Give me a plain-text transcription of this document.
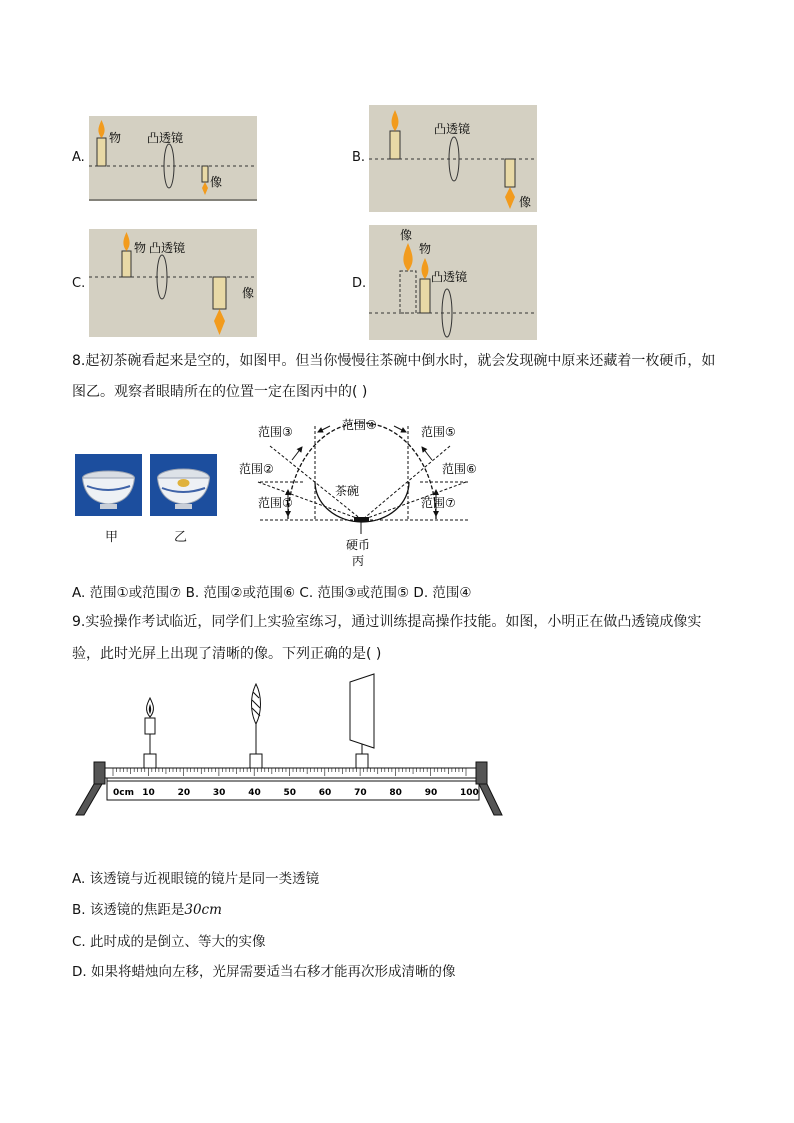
A.
物 凸透镜
像
B.
凸透镜
像
C.
物 凸透镜
像
D.
像
物
凸透镜
8.起初茶碗看起来是空的，如图甲。但当你慢慢往茶碗中倒水时，就会发现碗中原来还藏着一枚硬币，如
图乙。观察者眼睛所在的位置一定在图丙中的( )
甲	乙
范围④
范围③	范围⑤
范围②	范围⑥
范围①	范围⑦
茶碗
硬币
丙
A. 范围①或范围⑦ B. 范围②或范围⑥ C. 范围③或范围⑤ D. 范围④
9.实验操作考试临近，同学们上实验室练习，通过训练提高操作技能。如图，小明正在做凸透镜成像实
验，此时光屏上出现了清晰的像。下列正确的是( )
0cm 10	20	30	40	50	60	70	80	90	100
A. 该透镜与近视眼镜的镜片是同一类透镜
B. 该透镜的焦距是30cm
C. 此时成的是倒立、等大的实像
D. 如果将蜡烛向左移，光屏需要适当右移才能再次形成清晰的像
